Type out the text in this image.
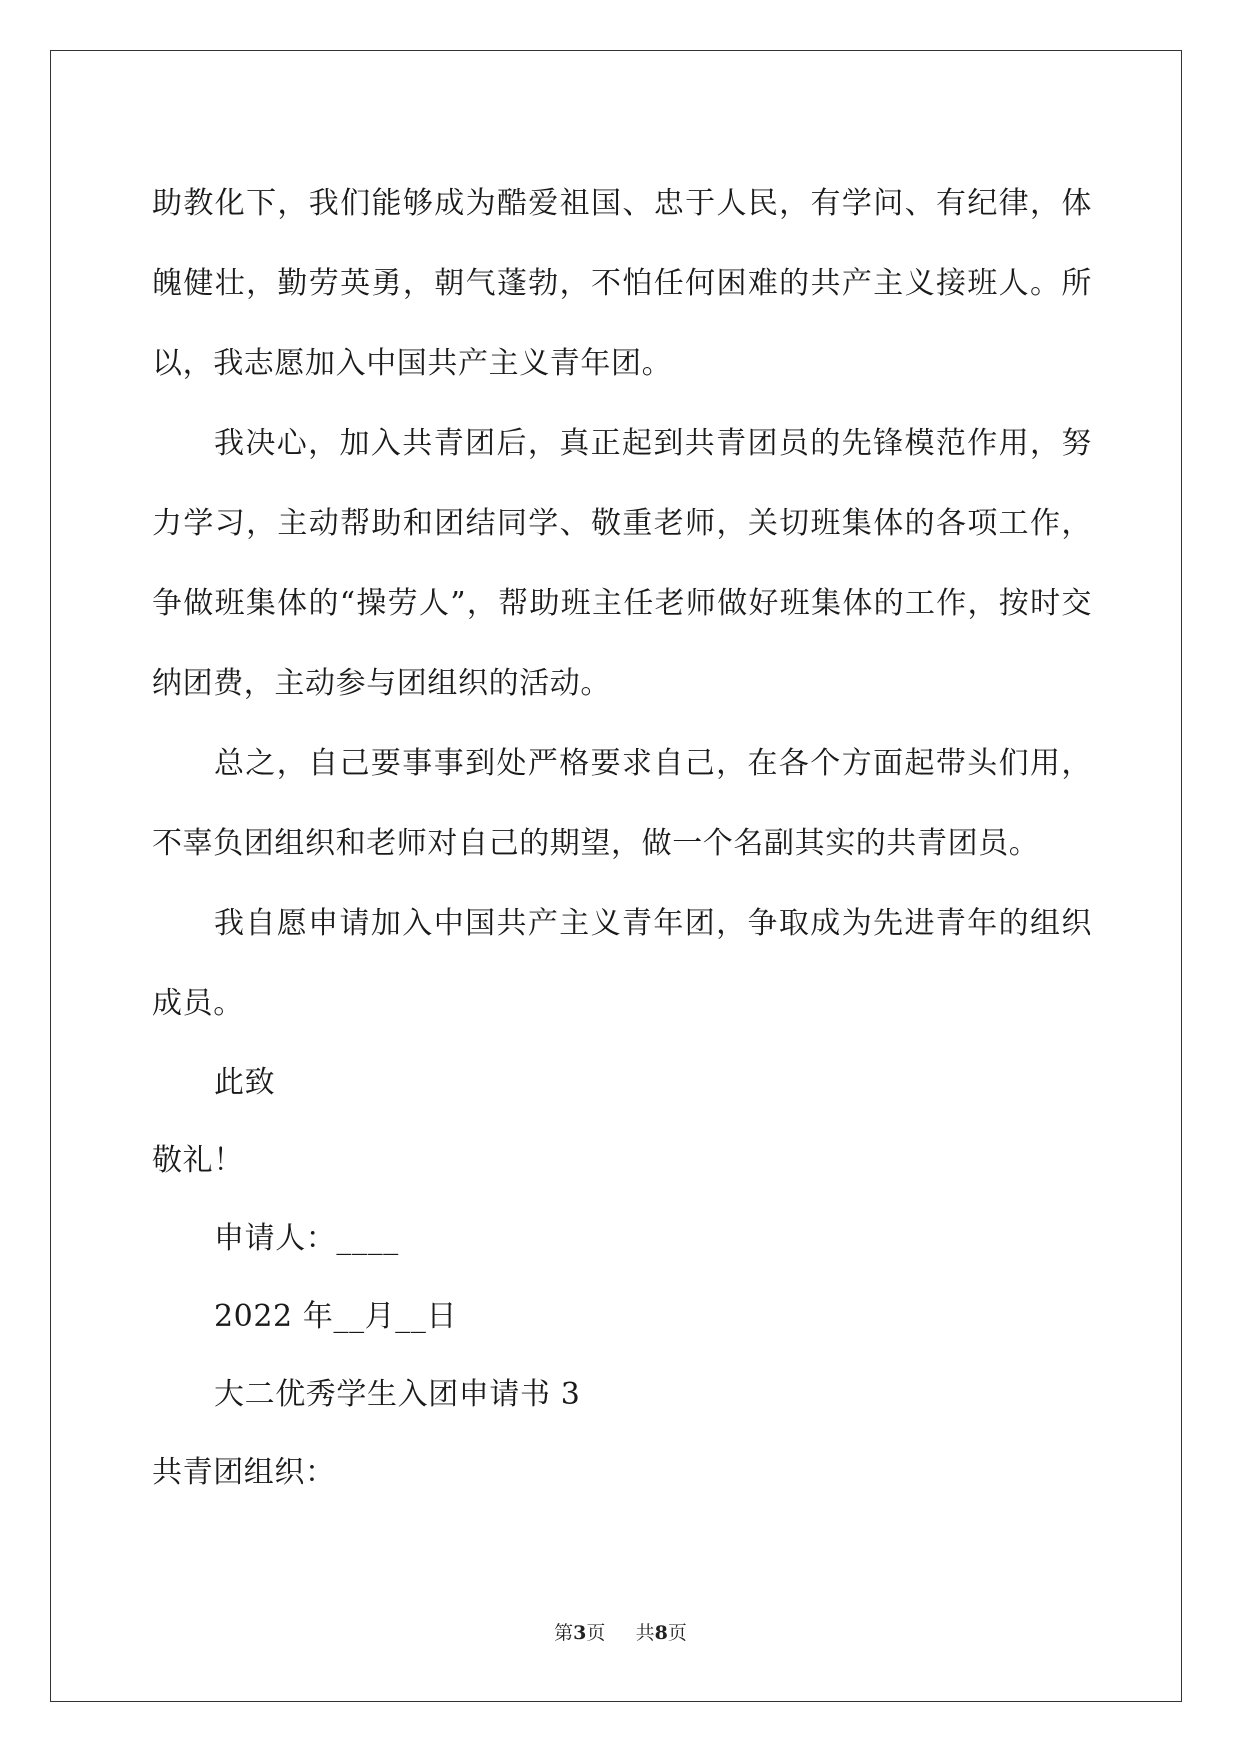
助教化下，我们能够成为酷爱祖国、忠于人民，有学问、有纪律，体
魄健壮，勤劳英勇，朝气蓬勃，不怕任何困难的共产主义接班人。所
以，我志愿加入中国共产主义青年团。
我决心，加入共青团后，真正起到共青团员的先锋模范作用，努
力学习，主动帮助和团结同学、敬重老师，关切班集体的各项工作，
争做班集体的“操劳人”，帮助班主任老师做好班集体的工作，按时交
纳团费，主动参与团组织的活动。
总之，自己要事事到处严格要求自己，在各个方面起带头们用，
不辜负团组织和老师对自己的期望，做一个名副其实的共青团员。
我自愿申请加入中国共产主义青年团，争取成为先进青年的组织
成员。
此致
敬礼！
申请人：____
2022 年__月__日
大二优秀学生入团申请书 3
共青团组织：
第3页 共8页
